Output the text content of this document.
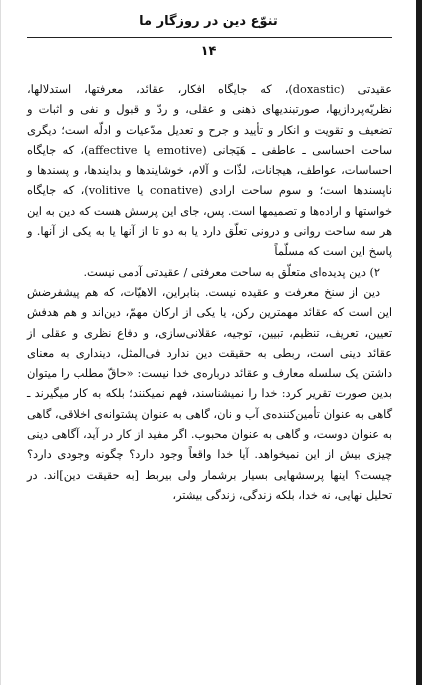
تنوّع دین در روزگار ما
۱۴

عقیدتی (doxastic)، که جایگاه افکار، عقائد، معرفتها، استدلالها، نظریّه‌پردازیها، صورتبندیهای ذهنی و عقلی، و ردّ و قبول و نفی و اثبات و تضعیف و تقویت و انکار و تأیید و جرح و تعدیل مدّعیات و ادلّه است؛ دیگری ساحت احساسی ـ عاطفی ـ هَیَجانی (emotive یا affective)، که جایگاه احساسات، عواطف، هیجانات، لذّات و آلام، خوشایندها و بدایندها، و پسندها و ناپسندها است؛ و سوم ساحت ارادی (conative یا volitive)، که جایگاه خواستها و اراده‌ها و تصمیمها است. پس، جای این پرسش هست که دین به این هر سه ساحت روانی و درونی تعلّق دارد یا به دو تا از آنها یا به یکی از آنها. و پاسخ این است که مسلّماً

۲) دین پدیده‌ای متعلّق به ساحت معرفتی / عقیدتی آدمی نیست.

دین از سنخ معرفت و عقیده نیست. بنابراین، الاهیّات، که هم پیشفرضش این است که عقائد مهمترین رکن، یا یکی از ارکان مهمّ، دین‌اند و هم هدفش تعیین، تعریف، تنظیم، تبیین، توجیه، عقلانی‌سازی، و دفاع نظری و عقلی از عقائد دینی است، ربطی به حقیقت دین ندارد فی‌المثل، دینداری به معنای داشتن یک سلسله معارف و عقائد درباره‌ی خدا نیست: «حاقّ مطلب را میتوان بدین صورت تقریر کرد: خدا را نمیشناسند، فهم نمیکنند؛ بلکه به کار میگیرند ـ گاهی به عنوان تأمین‌کننده‌ی آب و نان، گاهی به عنوان پشتوانه‌ی اخلاقی، گاهی به عنوان دوست، و گاهی به عنوان محبوب. اگر مفید از کار در آید، آگاهی دینی چیزی بیش از این نمیخواهد. آیا خدا واقعاً وجود دارد؟ چگونه وجودی دارد؟ چیست؟ اینها پرسشهایی بسیار برشمار ولی بیربط [به حقیقت دین]اند. در تحلیل نهایی، نه خدا، بلکه زندگی، زندگی بیشتر،
